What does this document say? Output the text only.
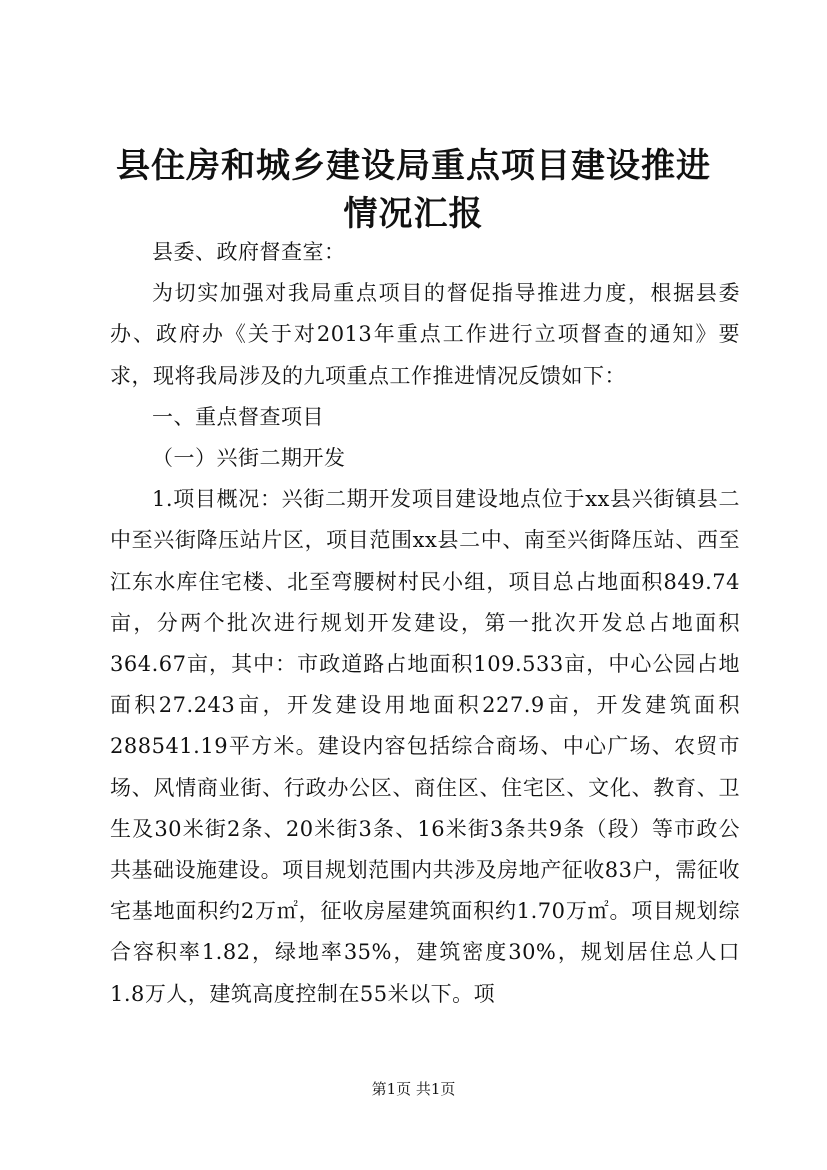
县住房和城乡建设局重点项目建设推进情况汇报

县委、政府督查室：

为切实加强对我局重点项目的督促指导推进力度，根据县委办、政府办《关于对2013年重点工作进行立项督查的通知》要求，现将我局涉及的九项重点工作推进情况反馈如下：

一、重点督查项目

（一）兴街二期开发

1.项目概况：兴街二期开发项目建设地点位于xx县兴街镇县二中至兴街降压站片区，项目范围xx县二中、南至兴街降压站、西至江东水库住宅楼、北至弯腰树村民小组，项目总占地面积849.74亩，分两个批次进行规划开发建设，第一批次开发总占地面积364.67亩，其中：市政道路占地面积109.533亩，中心公园占地面积27.243亩，开发建设用地面积227.9亩，开发建筑面积288541.19平方米。建设内容包括综合商场、中心广场、农贸市场、风情商业街、行政办公区、商住区、住宅区、文化、教育、卫生及30米街2条、20米街3条、16米街3条共9条（段）等市政公共基础设施建设。项目规划范围内共涉及房地产征收83户，需征收宅基地面积约2万㎡，征收房屋建筑面积约1.70万㎡。项目规划综合容积率1.82，绿地率35%，建筑密度30%，规划居住总人口1.8万人，建筑高度控制在55米以下。项

第1页 共1页
